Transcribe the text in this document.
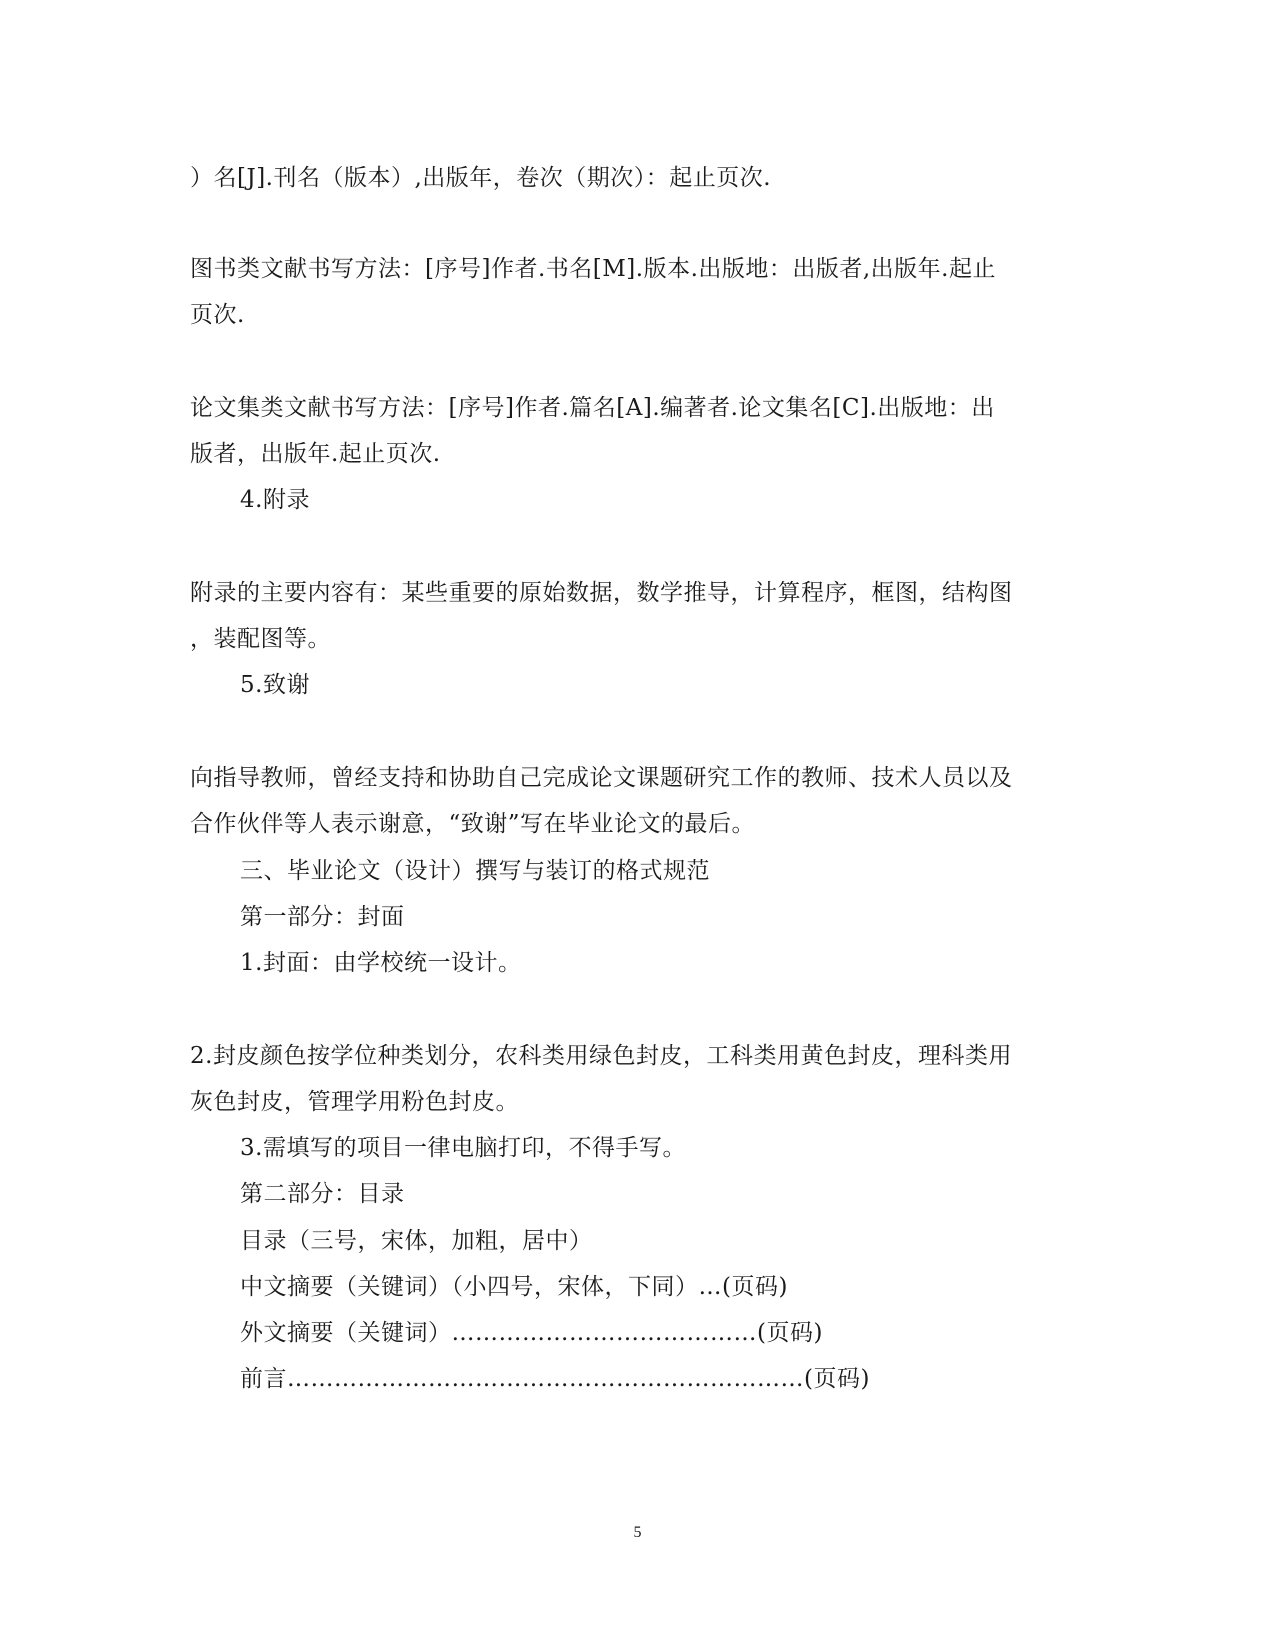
）名[J].刊名（版本）,出版年，卷次（期次）：起止页次.
图书类文献书写方法：[序号]作者.书名[M].版本.出版地：出版者,出版年.起止
页次.
论文集类文献书写方法：[序号]作者.篇名[A].编著者.论文集名[C].出版地：出
版者，出版年.起止页次.
4.附录
附录的主要内容有：某些重要的原始数据，数学推导，计算程序，框图，结构图
，装配图等。
5.致谢
向指导教师，曾经支持和协助自己完成论文课题研究工作的教师、技术人员以及
合作伙伴等人表示谢意，“致谢”写在毕业论文的最后。
三、毕业论文（设计）撰写与装订的格式规范
第一部分：封面
1.封面：由学校统一设计。
2.封皮颜色按学位种类划分，农科类用绿色封皮，工科类用黄色封皮，理科类用
灰色封皮，管理学用粉色封皮。
3.需填写的项目一律电脑打印，不得手写。
第二部分：目录
目录（三号，宋体，加粗，居中）
中文摘要（关键词）（小四号，宋体，下同）…(页码)
外文摘要（关键词）…………………………………(页码)
前言…………………………………………………………(页码)
5
